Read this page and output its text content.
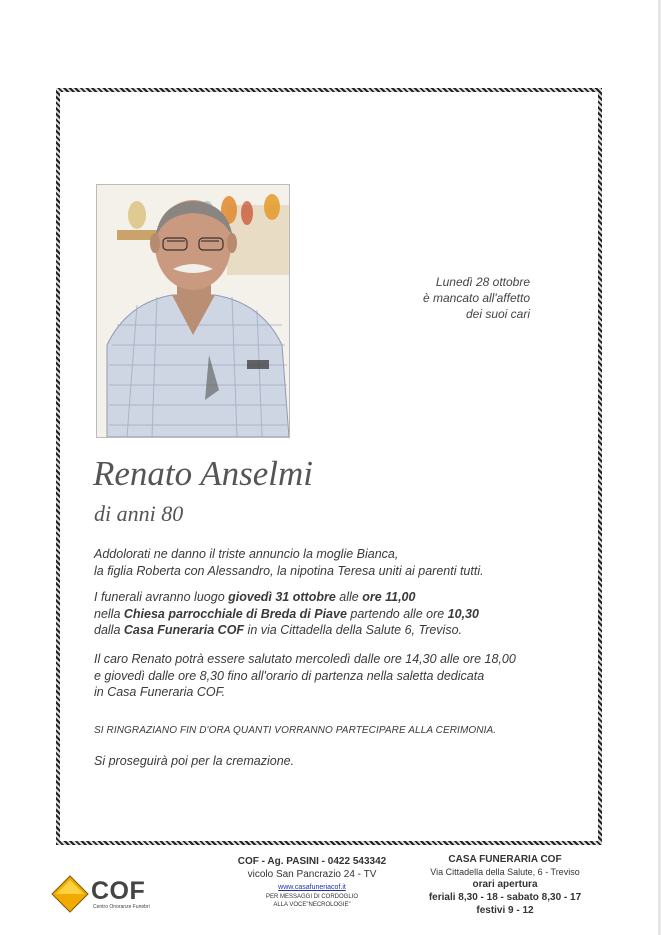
Lunedì 28 ottobre
è mancato all'affetto
dei suoi cari
Renato Anselmi
di anni 80
Addolorati ne danno il triste annuncio la moglie Bianca,
la figlia Roberta con Alessandro, la nipotina Teresa uniti ai parenti tutti.
I funerali avranno luogo giovedì 31 ottobre alle ore 11,00
nella Chiesa parrocchiale di Breda di Piave partendo alle ore 10,30
dalla Casa Funeraria COF in via Cittadella della Salute 6, Treviso.
Il caro Renato potrà essere salutato mercoledì dalle ore 14,30 alle ore 18,00
e giovedì dalle ore 8,30 fino all'orario di partenza nella saletta dedicata
in Casa Funeraria COF.
SI RINGRAZIANO FIN D'ORA QUANTI VORRANNO PARTECIPARE ALLA CERIMONIA.
Si proseguirà poi per la cremazione.
COF
Centro Onoranze Funebri
COF - Ag. PASINI - 0422 543342
vicolo San Pancrazio 24 - TV
www.casafuneriacof.it
PER MESSAGGI DI CORDOGLIO
ALLA VOCE"NECROLOGIE"
CASA FUNERARIA COF
Via Cittadella della Salute, 6 - Treviso
orari apertura
feriali 8,30 - 18 - sabato 8,30 - 17
festivi 9 - 12
